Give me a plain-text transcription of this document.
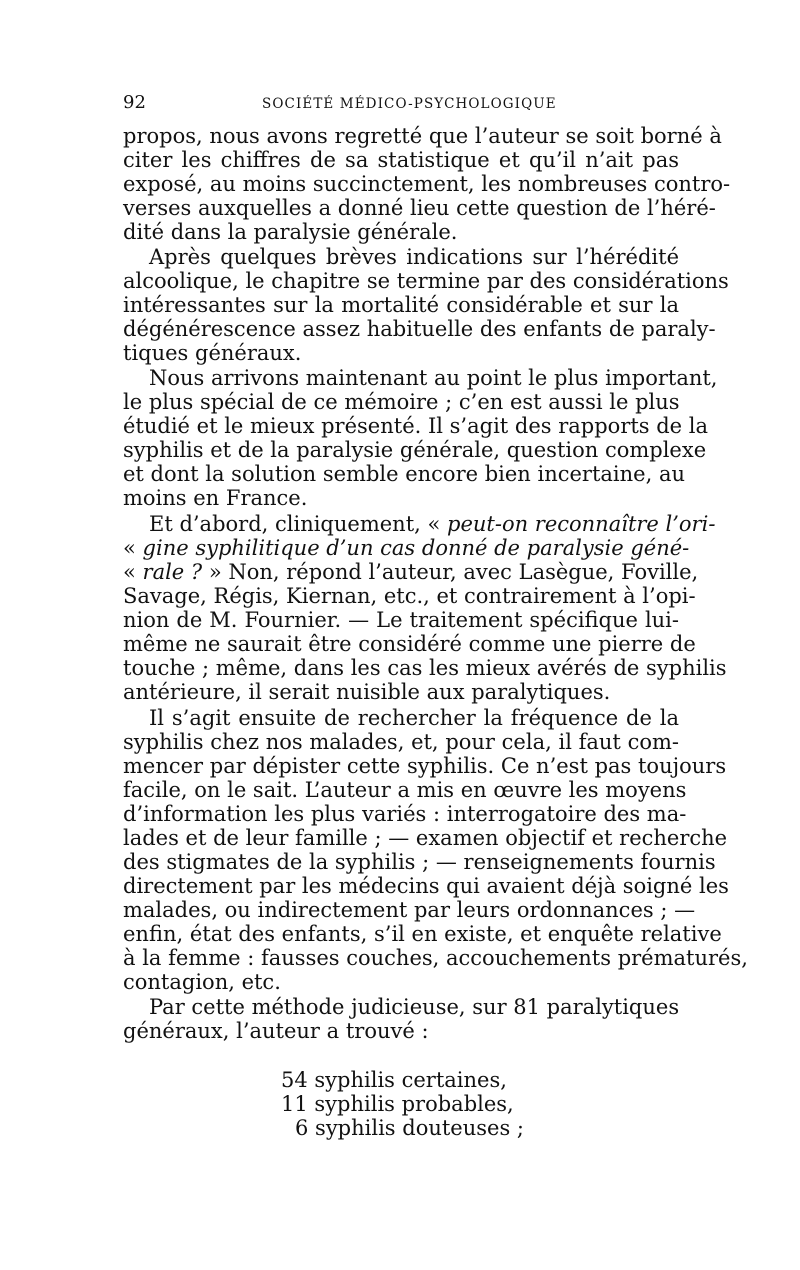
92	SOCIÉTÉ MÉDICO-PSYCHOLOGIQUE
propos, nous avons regretté que l’auteur se soit borné à
citer les chiffres de sa statistique et qu’il n’ait pas
exposé, au moins succinctement, les nombreuses contro-
verses auxquelles a donné lieu cette question de l’héré-
dité dans la paralysie générale.
Après quelques brèves indications sur l’hérédité
alcoolique, le chapitre se termine par des considérations
intéressantes sur la mortalité considérable et sur la
dégénérescence assez habituelle des enfants de paraly-
tiques généraux.
Nous arrivons maintenant au point le plus important,
le plus spécial de ce mémoire ; c’en est aussi le plus
étudié et le mieux présenté. Il s’agit des rapports de la
syphilis et de la paralysie générale, question complexe
et dont la solution semble encore bien incertaine, au
moins en France.
Et d’abord, cliniquement, « peut-on reconnaître l’ori-
« gine syphilitique d’un cas donné de paralysie géné-
« rale ? » Non, répond l’auteur, avec Lasègue, Foville,
Savage, Régis, Kiernan, etc., et contrairement à l’opi-
nion de M. Fournier. — Le traitement spécifique lui-
même ne saurait être considéré comme une pierre de
touche ; même, dans les cas les mieux avérés de syphilis
antérieure, il serait nuisible aux paralytiques.
Il s’agit ensuite de rechercher la fréquence de la
syphilis chez nos malades, et, pour cela, il faut com-
mencer par dépister cette syphilis. Ce n’est pas toujours
facile, on le sait. L’auteur a mis en œuvre les moyens
d’information les plus variés : interrogatoire des ma-
lades et de leur famille ; — examen objectif et recherche
des stigmates de la syphilis ; — renseignements fournis
directement par les médecins qui avaient déjà soigné les
malades, ou indirectement par leurs ordonnances ; —
enfin, état des enfants, s’il en existe, et enquête relative
à la femme : fausses couches, accouchements prématurés,
contagion, etc.
Par cette méthode judicieuse, sur 81 paralytiques
généraux, l’auteur a trouvé :
54 syphilis certaines,
11 syphilis probables,
6 syphilis douteuses ;
